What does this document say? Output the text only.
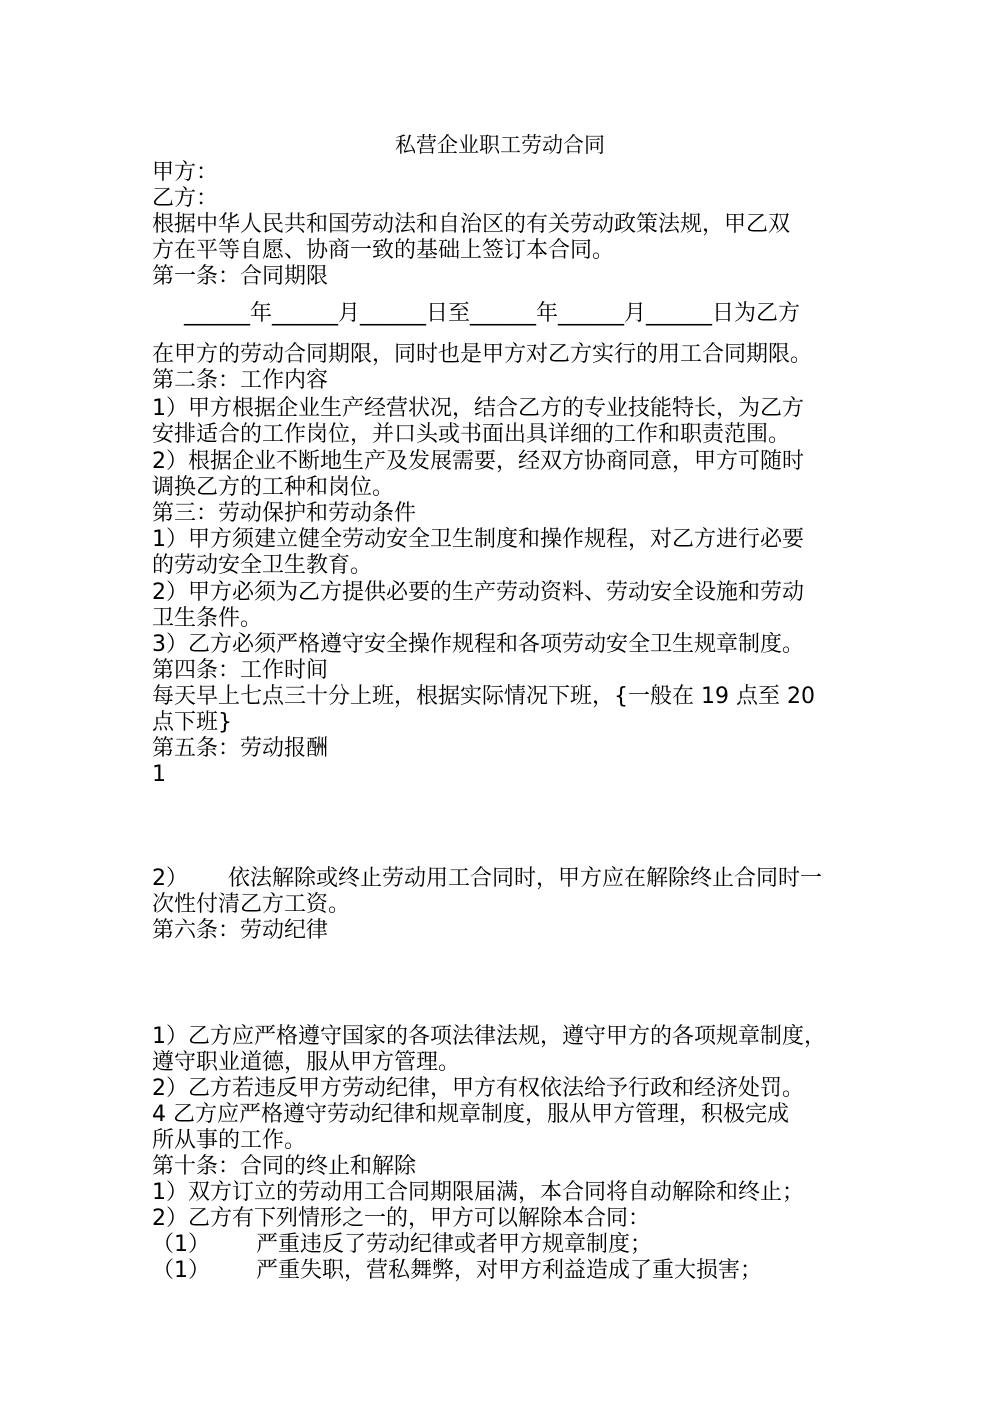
私营企业职工劳动合同
甲方：
乙方：
根据中华人民共和国劳动法和自治区的有关劳动政策法规，甲乙双
方在平等自愿、协商一致的基础上签订本合同。
第一条：合同期限
______年______月______日至______年______月______日为乙方
在甲方的劳动合同期限，同时也是甲方对乙方实行的用工合同期限。
第二条：工作内容
1）甲方根据企业生产经营状况，结合乙方的专业技能特长，为乙方
安排适合的工作岗位，并口头或书面出具详细的工作和职责范围。
2）根据企业不断地生产及发展需要，经双方协商同意，甲方可随时
调换乙方的工种和岗位。
第三：劳动保护和劳动条件
1）甲方须建立健全劳动安全卫生制度和操作规程，对乙方进行必要
的劳动安全卫生教育。
2）甲方必须为乙方提供必要的生产劳动资料、劳动安全设施和劳动
卫生条件。
3）乙方必须严格遵守安全操作规程和各项劳动安全卫生规章制度。
第四条：工作时间
每天早上七点三十分上班，根据实际情况下班，{一般在 19 点至 20
点下班}
第五条：劳动报酬
1
2） 依法解除或终止劳动用工合同时，甲方应在解除终止合同时一
次性付清乙方工资。
第六条：劳动纪律
1）乙方应严格遵守国家的各项法律法规，遵守甲方的各项规章制度，
遵守职业道德，服从甲方管理。
2）乙方若违反甲方劳动纪律，甲方有权依法给予行政和经济处罚。
4 乙方应严格遵守劳动纪律和规章制度，服从甲方管理，积极完成
所从事的工作。
第十条：合同的终止和解除
1）双方订立的劳动用工合同期限届满，本合同将自动解除和终止；
2）乙方有下列情形之一的，甲方可以解除本合同：
（1） 严重违反了劳动纪律或者甲方规章制度；
（1） 严重失职，营私舞弊，对甲方利益造成了重大损害；
